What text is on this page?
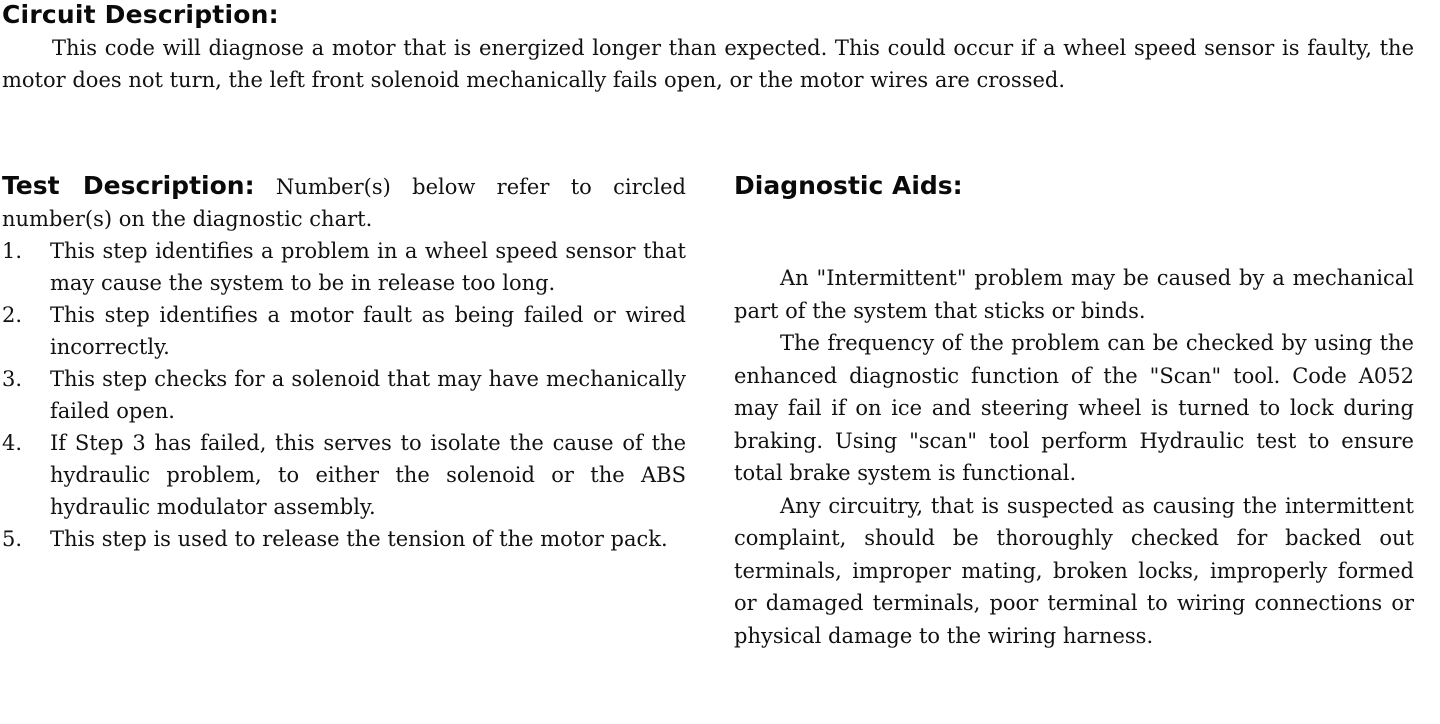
Circuit Description:
This code will diagnose a motor that is energized longer than expected. This could occur if a wheel speed sensor is faulty, the motor does not turn, the left front solenoid mechanically fails open, or the motor wires are crossed.
Test Description: Number(s) below refer to circled number(s) on the diagnostic chart.
1.	This step identifies a problem in a wheel speed sensor that may cause the system to be in release too long.
2.	This step identifies a motor fault as being failed or wired incorrectly.
3.	This step checks for a solenoid that may have mechanically failed open.
4.	If Step 3 has failed, this serves to isolate the cause of the hydraulic problem, to either the solenoid or the ABS hydraulic modulator assembly.
5.	This step is used to release the tension of the motor pack.
Diagnostic Aids:

An "Intermittent" problem may be caused by a mechanical part of the system that sticks or binds.

The frequency of the problem can be checked by using the enhanced diagnostic function of the "Scan" tool. Code A052 may fail if on ice and steering wheel is turned to lock during braking. Using "scan" tool perform Hydraulic test to ensure total brake system is functional.

Any circuitry, that is suspected as causing the intermittent complaint, should be thoroughly checked for backed out terminals, improper mating, broken locks, improperly formed or damaged terminals, poor terminal to wiring connections or physical damage to the wiring harness.
